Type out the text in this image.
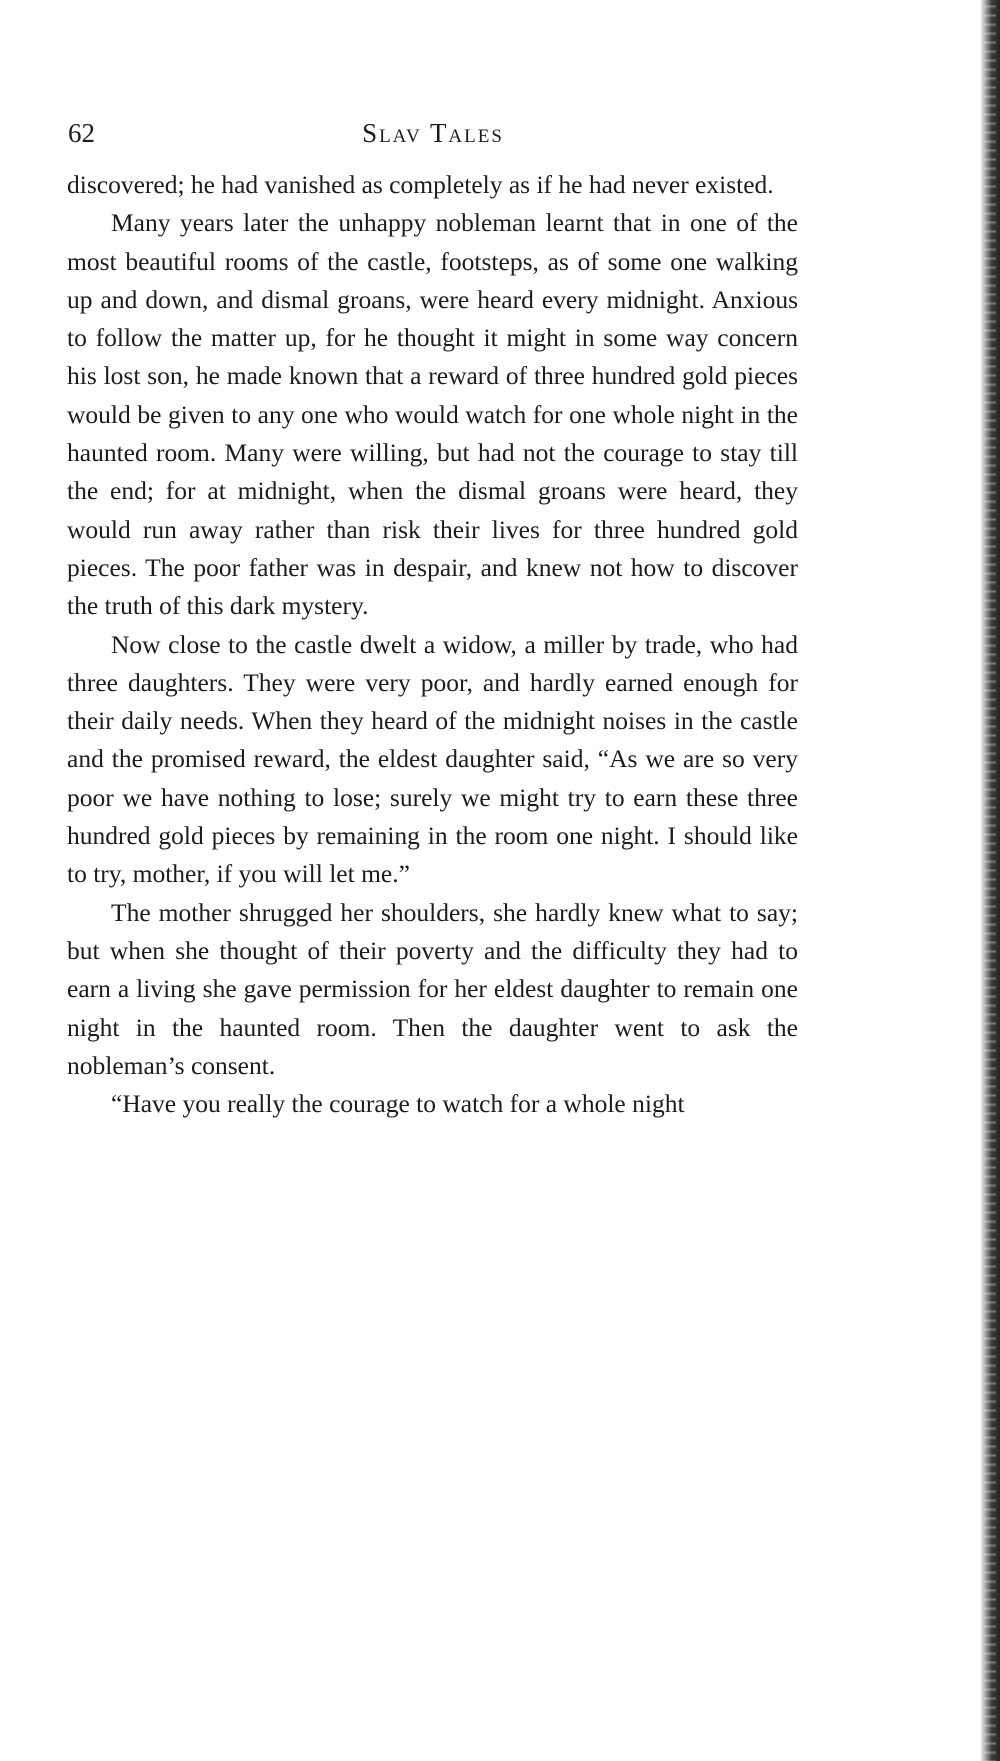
62	Slav Tales

discovered; he had vanished as completely as if he had never existed.

Many years later the unhappy nobleman learnt that in one of the most beautiful rooms of the castle, footsteps, as of some one walking up and down, and dismal groans, were heard every midnight. Anxious to follow the matter up, for he thought it might in some way concern his lost son, he made known that a reward of three hundred gold pieces would be given to any one who would watch for one whole night in the haunted room. Many were willing, but had not the courage to stay till the end; for at midnight, when the dismal groans were heard, they would run away rather than risk their lives for three hundred gold pieces. The poor father was in despair, and knew not how to discover the truth of this dark mystery.

Now close to the castle dwelt a widow, a miller by trade, who had three daughters. They were very poor, and hardly earned enough for their daily needs. When they heard of the midnight noises in the castle and the promised reward, the eldest daughter said, “As we are so very poor we have nothing to lose; surely we might try to earn these three hundred gold pieces by remaining in the room one night. I should like to try, mother, if you will let me.”

The mother shrugged her shoulders, she hardly knew what to say; but when she thought of their poverty and the difficulty they had to earn a living she gave permission for her eldest daughter to remain one night in the haunted room. Then the daughter went to ask the nobleman’s consent.

“Have you really the courage to watch for a whole night
